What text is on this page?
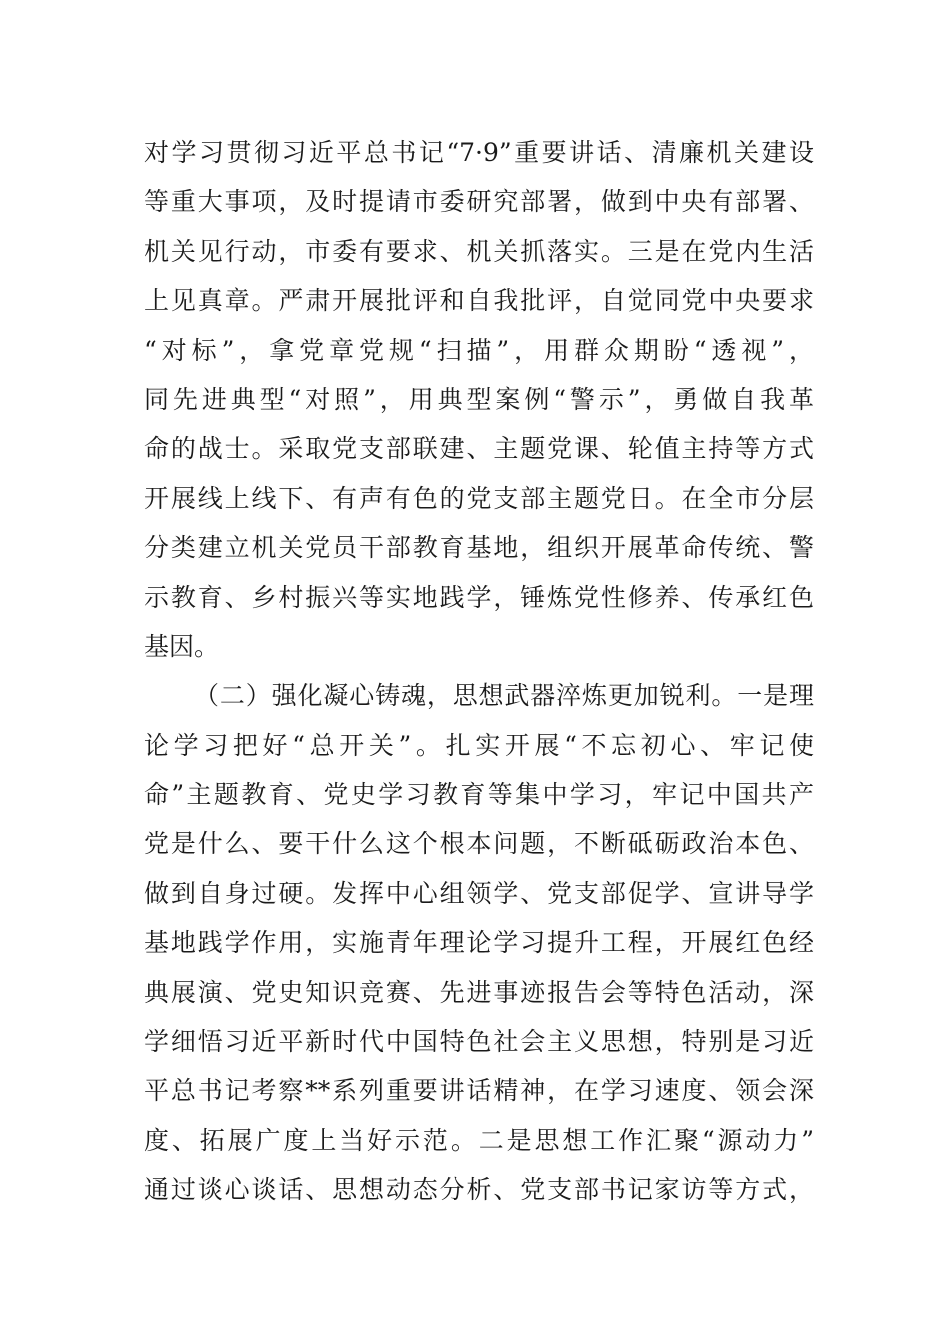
对学习贯彻习近平总书记“7·9”重要讲话、清廉机关建设
等重大事项，及时提请市委研究部署，做到中央有部署、
机关见行动，市委有要求、机关抓落实。三是在党内生活
上见真章。严肃开展批评和自我批评，自觉同党中央要求
“对标”，拿党章党规“扫描”，用群众期盼“透视”，
同先进典型“对照”，用典型案例“警示”，勇做自我革
命的战士。采取党支部联建、主题党课、轮值主持等方式
开展线上线下、有声有色的党支部主题党日。在全市分层
分类建立机关党员干部教育基地，组织开展革命传统、警
示教育、乡村振兴等实地践学，锤炼党性修养、传承红色
基因。
（二）强化凝心铸魂，思想武器淬炼更加锐利。一是理
论学习把好“总开关”。扎实开展“不忘初心、牢记使
命”主题教育、党史学习教育等集中学习，牢记中国共产
党是什么、要干什么这个根本问题，不断砥砺政治本色、
做到自身过硬。发挥中心组领学、党支部促学、宣讲导学
基地践学作用，实施青年理论学习提升工程，开展红色经
典展演、党史知识竞赛、先进事迹报告会等特色活动，深
学细悟习近平新时代中国特色社会主义思想，特别是习近
平总书记考察**系列重要讲话精神，在学习速度、领会深
度、拓展广度上当好示范。二是思想工作汇聚“源动力”
通过谈心谈话、思想动态分析、党支部书记家访等方式，
